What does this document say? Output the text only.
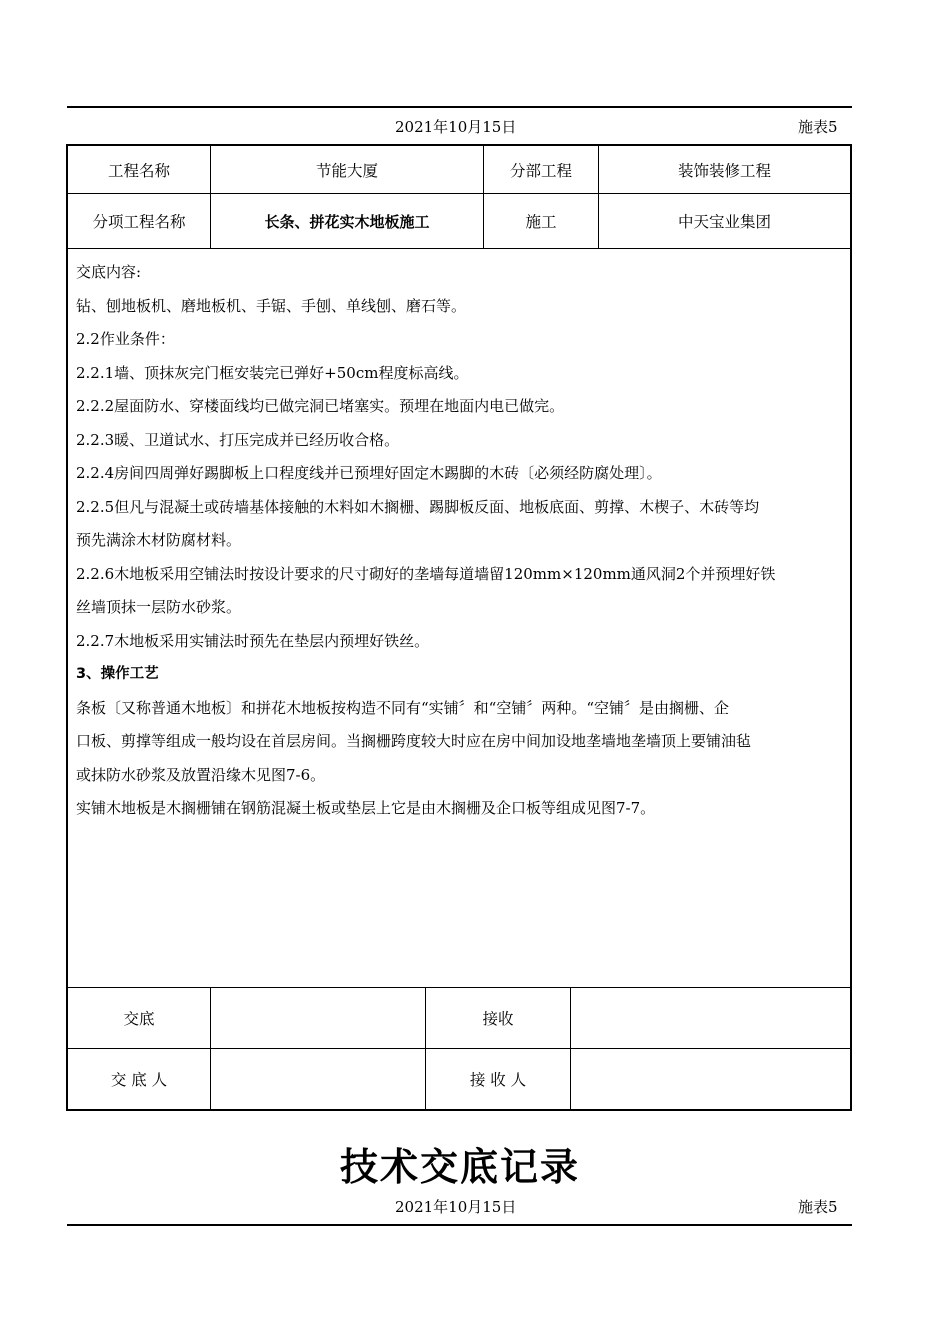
2021年10月15日	施表5
工程名称	节能大厦	分部工程	装饰装修工程
分项工程名称	长条、拼花实木地板施工	施工	中天宝业集团

交底内容:

钻、刨地板机、磨地板机、手锯、手刨、单线刨、磨石等。

2.2作业条件：

2.2.1墙、顶抹灰完门框安装完已弹好+50cm程度标高线。

2.2.2屋面防水、穿楼面线均已做完洞已堵塞实。预埋在地面内电已做完。

2.2.3暖、卫道试水、打压完成并已经历收合格。

2.2.4房间四周弹好踢脚板上口程度线并已预埋好固定木踢脚的木砖〔必须经防腐处理〕。

2.2.5但凡与混凝土或砖墙基体接触的木料如木搁栅、踢脚板反面、地板底面、剪撑、木楔子、木砖等均

预先满涂木材防腐材料。

2.2.6木地板采用空铺法时按设计要求的尺寸砌好的垄墙每道墙留120mm×120mm通风洞2个并预埋好铁

丝墙顶抹一层防水砂浆。

2.2.7木地板采用实铺法时预先在垫层内预埋好铁丝。

3、操作工艺

条板〔又称普通木地板〕和拼花木地板按构造不同有“实铺〞和“空铺〞两种。“空铺〞是由搁栅、企

口板、剪撑等组成一般均设在首层房间。当搁栅跨度较大时应在房中间加设地垄墙地垄墙顶上要铺油毡

或抹防水砂浆及放置沿缘木见图7-6。

实铺木地板是木搁栅铺在钢筋混凝土板或垫层上它是由木搁栅及企口板等组成见图7-7。

交底	接收
交 底 人	接 收 人
技术交底记录
2021年10月15日	施表5
